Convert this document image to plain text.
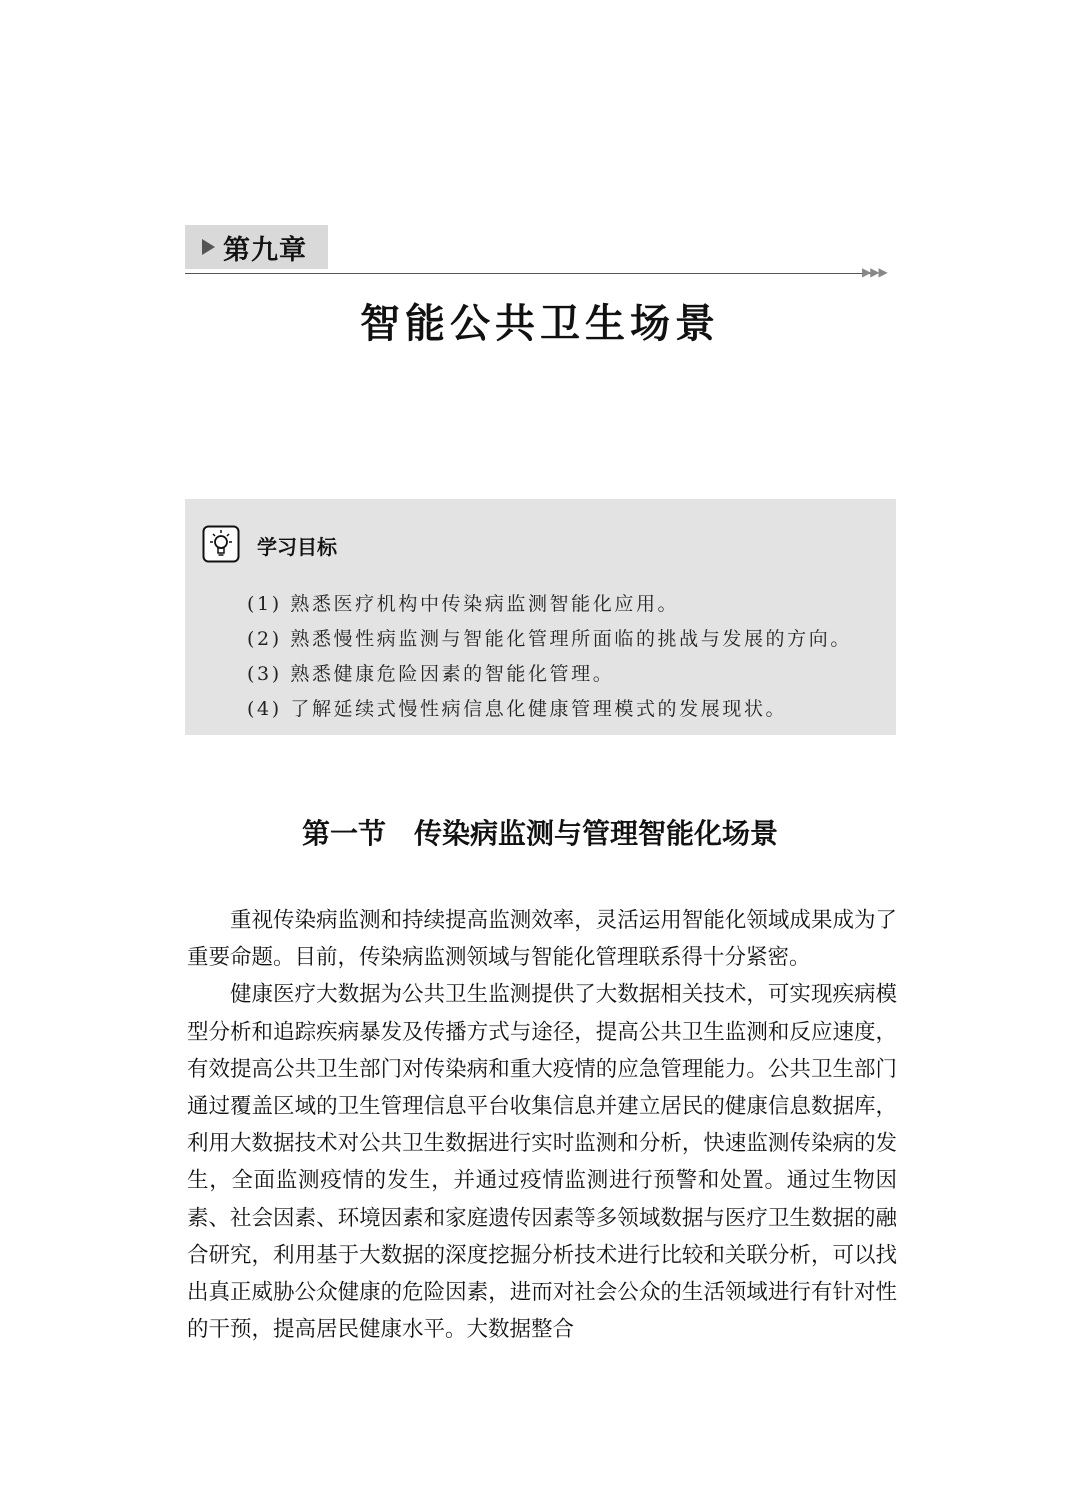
第九章
▶▶▶
智能公共卫生场景
学习目标
(1) 熟悉医疗机构中传染病监测智能化应用。
(2) 熟悉慢性病监测与智能化管理所面临的挑战与发展的方向。
(3) 熟悉健康危险因素的智能化管理。
(4) 了解延续式慢性病信息化健康管理模式的发展现状。
第一节　传染病监测与管理智能化场景

重视传染病监测和持续提高监测效率，灵活运用智能化领域成果成为了重要命题。目前，传染病监测领域与智能化管理联系得十分紧密。

健康医疗大数据为公共卫生监测提供了大数据相关技术，可实现疾病模型分析和追踪疾病暴发及传播方式与途径，提高公共卫生监测和反应速度，有效提高公共卫生部门对传染病和重大疫情的应急管理能力。公共卫生部门通过覆盖区域的卫生管理信息平台收集信息并建立居民的健康信息数据库，利用大数据技术对公共卫生数据进行实时监测和分析，快速监测传染病的发生，全面监测疫情的发生，并通过疫情监测进行预警和处置。通过生物因素、社会因素、环境因素和家庭遗传因素等多领域数据与医疗卫生数据的融合研究，利用基于大数据的深度挖掘分析技术进行比较和关联分析，可以找出真正威胁公众健康的危险因素，进而对社会公众的生活领域进行有针对性的干预，提高居民健康水平。大数据整合
